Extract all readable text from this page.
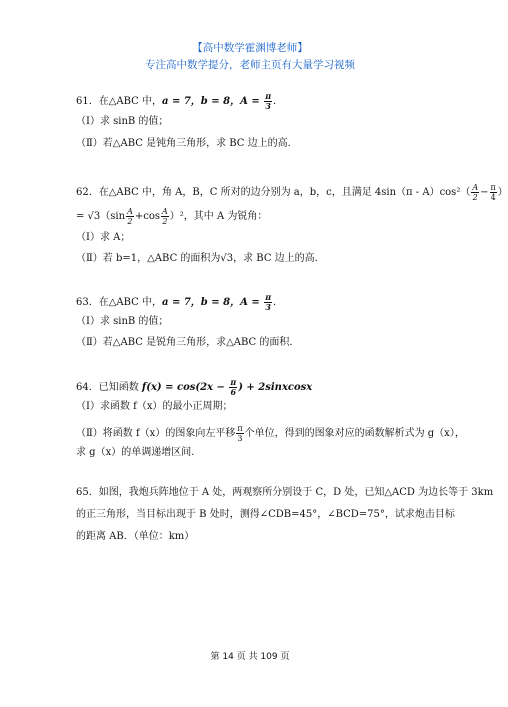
【高中数学霍渊博老师】
专注高中数学提分，老师主页有大量学习视频
61．在△ABC 中，a = 7，b = 8，$A = \frac{\pi}{3}$ ．
（Ⅰ）求 sinB 的值；
（Ⅱ）若△ABC 是钝角三角形，求 BC 边上的高．
62．在△ABC 中，角 A，B，C 所对的边分别为 a，b，c，且满足 $4\sin(\pi - A)\cos^2( \frac{A}{2} - \frac{\pi}{4}$ ）
= $√3(\sin \frac{A}{2} +\cos \frac{A}{2} )^2$，其中 A 为锐角：
（Ⅰ）求 A；
（Ⅱ）若 b=1，△ABC 的面积为√3，求 BC 边上的高．
63．在△ABC 中，a = 7，b = 8，$A = \frac{\pi}{3}$ ．
（Ⅰ）求 sinB 的值；
（Ⅱ）若△ABC 是锐角三角形，求△ABC 的面积．
64．已知函数 $f(x) = \cos(2x - \frac{\pi}{6}$ ) + 2sinxcosx
（Ⅰ）求函数 f（x）的最小正周期；
（Ⅱ）将函数 f（x）的图象向左平移 $\frac{\pi}{3}$ 个单位，得到的图象对应的函数解析式为 g（x），
求 g（x）的单调递增区间．
65．如图，我炮兵阵地位于 A 处，两观察所分别设于 C，D 处，已知△ACD 为边长等于 3km
的正三角形，当目标出现于 B 处时，测得∠CDB=45°，∠BCD=75°，试求炮击目标
的距离 AB．（单位：km）
第 14 页 共 109 页
